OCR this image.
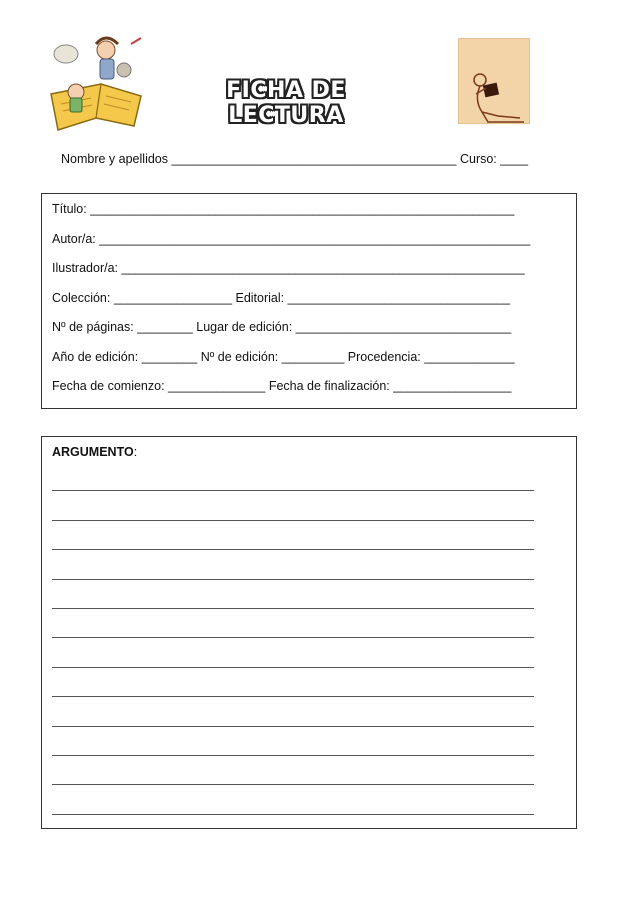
FICHA DE LECTURA
Nombre y apellidos _________________________________________ Curso: ____
Título: _____________________________________________________________
Autor/a: ______________________________________________________________
Ilustrador/a: __________________________________________________________
Colección: _________________ Editorial: ________________________________
Nº de páginas: ________ Lugar de edición: _______________________________
Año de edición: ________ Nº de edición: _________ Procedencia: _____________
Fecha de comienzo: ______________ Fecha de finalización: _________________
ARGUMENTO:
